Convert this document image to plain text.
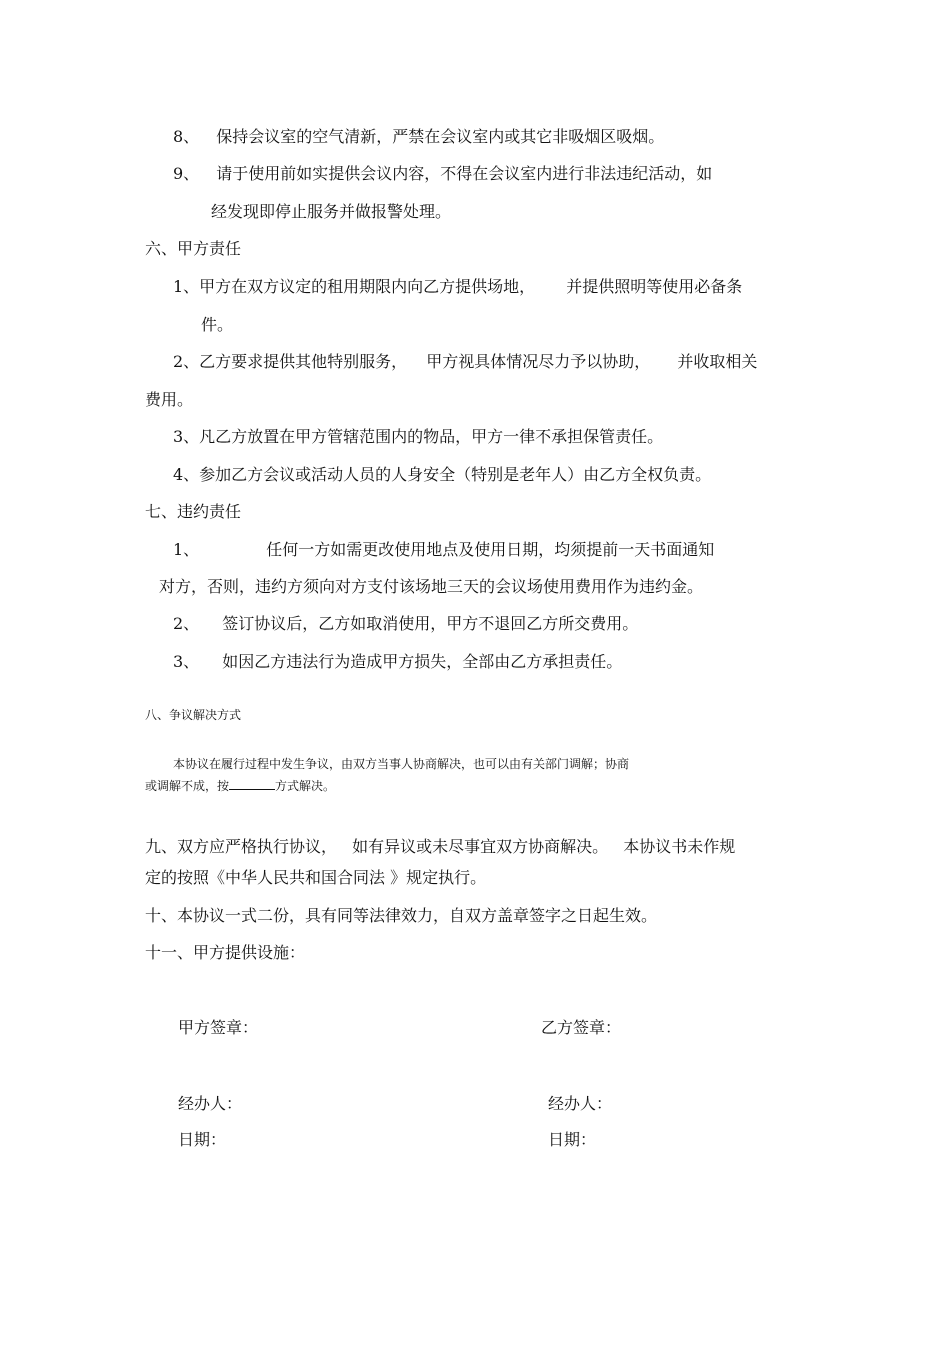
8、 保持会议室的空气清新，严禁在会议室内或其它非吸烟区吸烟。
9、 请于使用前如实提供会议内容，不得在会议室内进行非法违纪活动，如
经发现即停止服务并做报警处理。
六、甲方责任
1、甲方在双方议定的租用期限内向乙方提供场地， 并提供照明等使用必备条
件。
2、乙方要求提供其他特别服务， 甲方视具体情况尽力予以协助， 并收取相关
费用。
3、凡乙方放置在甲方管辖范围内的物品，甲方一律不承担保管责任。
4、参加乙方会议或活动人员的人身安全（特别是老年人）由乙方全权负责。
七、违约责任
1、	任何一方如需更改使用地点及使用日期，均须提前一天书面通知
对方，否则，违约方须向对方支付该场地三天的会议场使用费用作为违约金。
2、 签订协议后，乙方如取消使用，甲方不退回乙方所交费用。
3、 如因乙方违法行为造成甲方损失，全部由乙方承担责任。
八、争议解决方式
本协议在履行过程中发生争议，由双方当事人协商解决，也可以由有关部门调解；协商
或调解不成，按	方式解决。
九、双方应严格执行协议， 如有异议或未尽事宜双方协商解决。 本协议书未作规
定的按照《中华人民共和国合同法 》规定执行。
十、本协议一式二份，具有同等法律效力，自双方盖章签字之日起生效。
十一、甲方提供设施：
甲方签章：	乙方签章：
经办人：	经办人：
日期：	日期：
